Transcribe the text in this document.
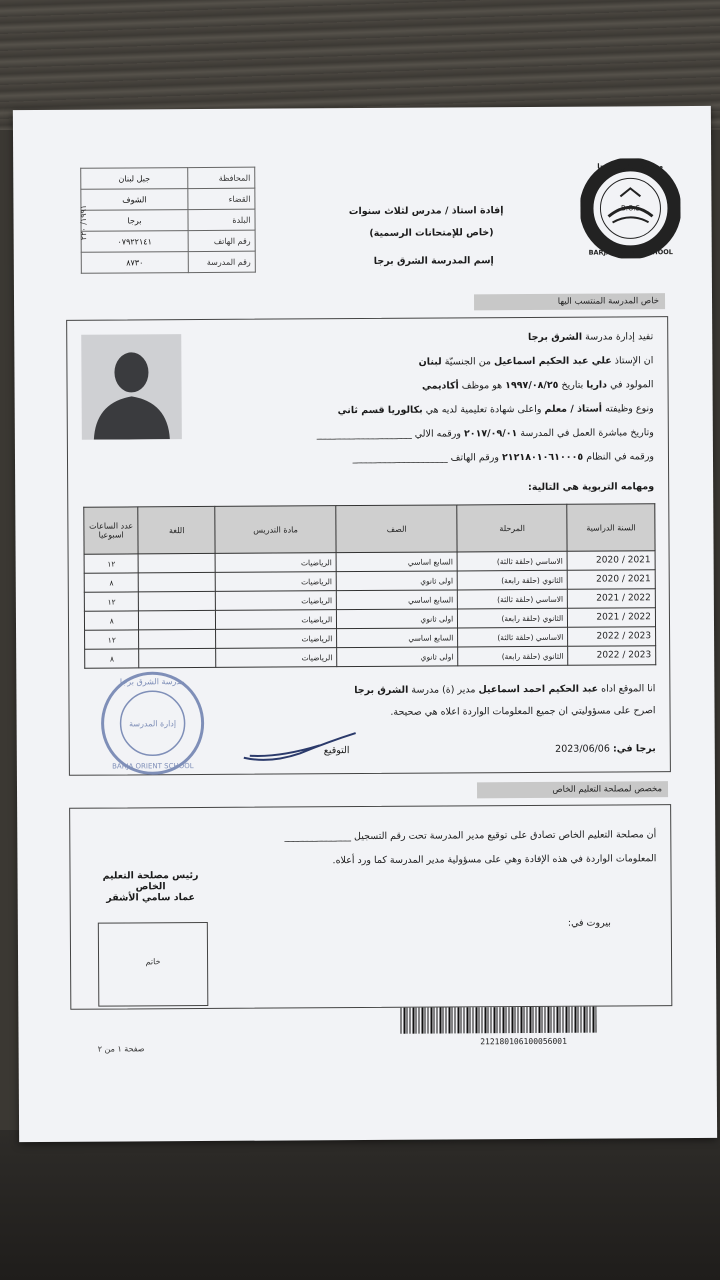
جبل لبنان	المحافظة
الشوف	القضاء
برجا	البلدة
٠٧٩٢٢١٤١	رقم الهاتف
٨٧٣٠	رقم المدرسة
١٩٩١/ ٢٢٠	إفادة استاذ / مدرس لثلاث سنوات
(خاص للإمتحانات الرسمية)
إسم المدرسة الشرق برجا
B.O.S
BARJA ORIENT SCHOOL
مدرسة الشرق برجا
خاص المدرسة المنتسب اليها
تفيد إدارة مدرسة الشرق برجا
ان الإستاذ علي عبد الحكيم اسماعيل من الجنسيّة لبنان
المولود في داريا بتاريخ ١٩٩٧/٠٨/٢٥ هو موظف أكاديمي
ونوع وظيفته أستاذ / معلم واعلى شهادة تعليمية لديه هي بكالوريا قسم ثاني
وتاريخ مباشرة العمل في المدرسة ٢٠١٧/٠٩/٠١ ورقمه الالي ____________________
ورقمه في النظام ٢١٢١٨٠١٠٦١٠٠٠٥ ورقم الهاتف ____________________
ومهامه التربوية هي التالية:
السنة الدراسية	المرحلة	الصف	مادة التدريس	اللغة	عدد الساعات اسبوعيا
2021 / 2020	الاساسي (حلقة ثالثة)	السابع اساسي	الرياضيات		١٢
2021 / 2020	الثانوي (حلقة رابعة)	اولى ثانوي	الرياضيات		٨
2022 / 2021	الاساسي (حلقة ثالثة)	السابع اساسي	الرياضيات		١٢
2022 / 2021	الثانوي (حلقة رابعة)	اولى ثانوي	الرياضيات		٨
2023 / 2022	الاساسي (حلقة ثالثة)	السابع اساسي	الرياضيات		١٢
2023 / 2022	الثانوي (حلقة رابعة)	اولى ثانوي	الرياضيات		٨
انا الموقع اداه عبد الحكيم احمد اسماعيل مدير (ة) مدرسة الشرق برجا
اصرح على مسؤوليتي ان جميع المعلومات الواردة اعلاه هي صحيحة.
برجا في: 2023/06/06
التوقيع
مدرسة الشرق برجا
BARJA ORIENT SCHOOL
إدارة المدرسة
مخصص لمصلحة التعليم الخاص
أن مصلحة التعليم الخاص تصادق على توقيع مدير المدرسة تحت رقم التسجيل ______________
المعلومات الواردة في هذه الإفادة وهي على مسؤولية مدير المدرسة كما ورد أعلاه.
بيروت في:
رئيس مصلحة التعليم الخاص
عماد سامي الأشقر
خاتم
212180106100056001
صفحة ١ من ٢
